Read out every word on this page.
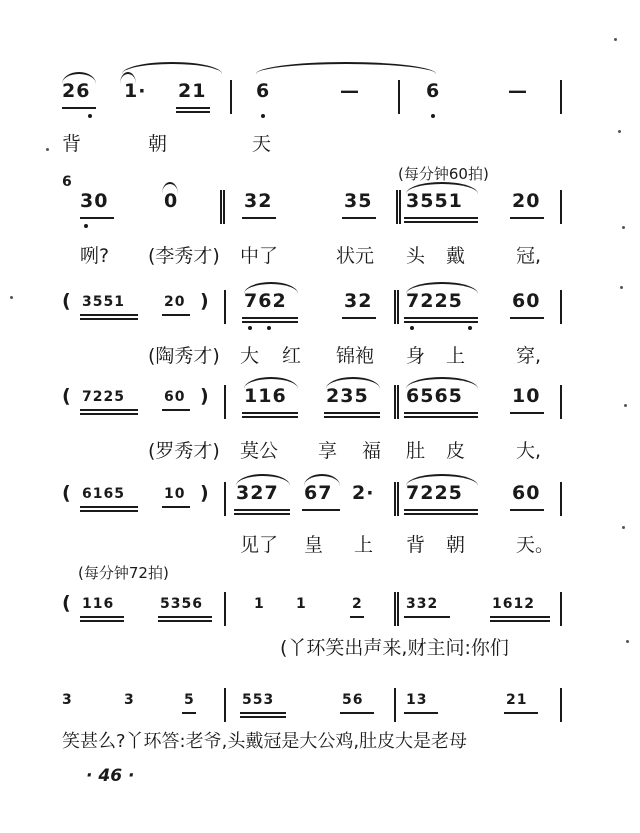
26 1· 21	6	—	6	—
背	朝	天
(每分钟60拍)
6
30	0	32	35 3551	20
咧? (李秀才) 中了	状元 头 戴	冠,
( 3551	20 ) 762	32 7225	60
(陶秀才) 大 红 锦袍 身 上	穿,
( 7225	60 ) 116 235 6565	10
(罗秀才) 莫公 享 福 肚 皮	大,
( 6165	10 ) 327 67 2· 7225	60
见了 皇 上 背 朝	天。
(每分钟72拍)
( 116	5356	1 1	2	332	1612
(丫环笑出声来,财主问:你们
3	3	5	553	56	13	21
笑甚么?丫环答:老爷,头戴冠是大公鸡,肚皮大是老母
· 46 ·
